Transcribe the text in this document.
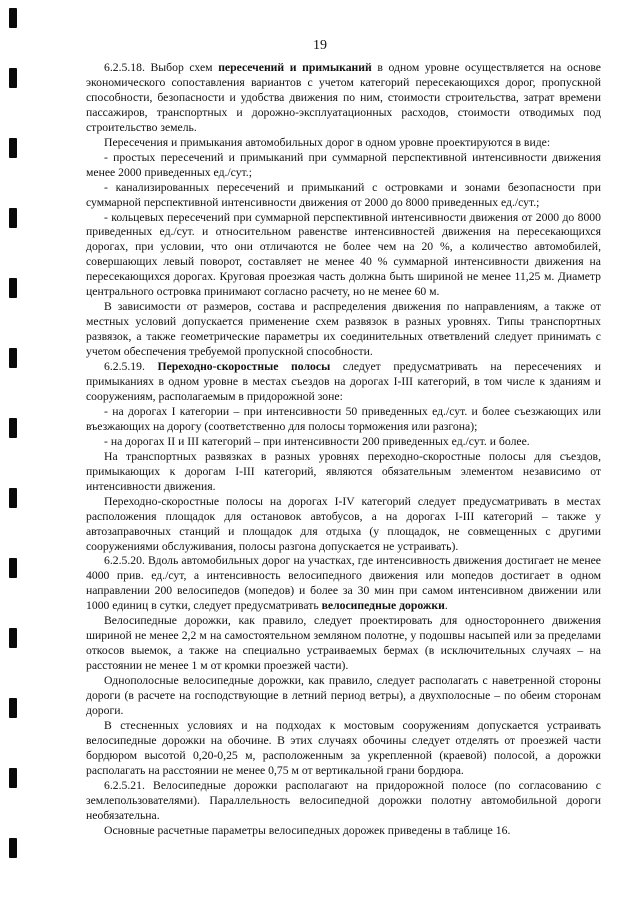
19

6.2.5.18. Выбор схем пересечений и примыканий в одном уровне осуществляется на основе экономического сопоставления вариантов с учетом категорий пересекающихся дорог, пропускной способности, безопасности и удобства движения по ним, стоимости строительства, затрат времени пассажиров, транспортных и дорожно-эксплуатационных расходов, стоимости отводимых под строительство земель.

Пересечения и примыкания автомобильных дорог в одном уровне проектируются в виде:

- простых пересечений и примыканий при суммарной перспективной интенсивности движения менее 2000 приведенных ед./сут.;

- канализированных пересечений и примыканий с островками и зонами безопасности при суммарной перспективной интенсивности движения от 2000 до 8000 приведенных ед./сут.;

- кольцевых пересечений при суммарной перспективной интенсивности движения от 2000 до 8000 приведенных ед./сут. и относительном равенстве интенсивностей движения на пересекающихся дорогах, при условии, что они отличаются не более чем на 20 %, а количество автомобилей, совершающих левый поворот, составляет не менее 40 % суммарной интенсивности движения на пересекающихся дорогах. Круговая проезжая часть должна быть шириной не менее 11,25 м. Диаметр центрального островка принимают согласно расчету, но не менее 60 м.

В зависимости от размеров, состава и распределения движения по направлениям, а также от местных условий допускается применение схем развязок в разных уровнях. Типы транспортных развязок, а также геометрические параметры их соединительных ответвлений следует принимать с учетом обеспечения требуемой пропускной способности.

6.2.5.19. Переходно-скоростные полосы следует предусматривать на пересечениях и примыканиях в одном уровне в местах съездов на дорогах I-III категорий, в том числе к зданиям и сооружениям, располагаемым в придорожной зоне:

- на дорогах I категории – при интенсивности 50 приведенных ед./сут. и более съезжающих или въезжающих на дорогу (соответственно для полосы торможения или разгона);

- на дорогах II и III категорий – при интенсивности 200 приведенных ед./сут. и более.

На транспортных развязках в разных уровнях переходно-скоростные полосы для съездов, примыкающих к дорогам I-III категорий, являются обязательным элементом независимо от интенсивности движения.

Переходно-скоростные полосы на дорогах I-IV категорий следует предусматривать в местах расположения площадок для остановок автобусов, а на дорогах I-III категорий – также у автозаправочных станций и площадок для отдыха (у площадок, не совмещенных с другими сооружениями обслуживания, полосы разгона допускается не устраивать).

6.2.5.20. Вдоль автомобильных дорог на участках, где интенсивность движения достигает не менее 4000 прив. ед./сут, а интенсивность велосипедного движения или мопедов достигает в одном направлении 200 велосипедов (мопедов) и более за 30 мин при самом интенсивном движении или 1000 единиц в сутки, следует предусматривать велосипедные дорожки.

Велосипедные дорожки, как правило, следует проектировать для одностороннего движения шириной не менее 2,2 м на самостоятельном земляном полотне, у подошвы насыпей или за пределами откосов выемок, а также на специально устраиваемых бермах (в исключительных случаях – на расстоянии не менее 1 м от кромки проезжей части).

Однополосные велосипедные дорожки, как правило, следует располагать с наветренной стороны дороги (в расчете на господствующие в летний период ветры), а двухполосные – по обеим сторонам дороги.

В стесненных условиях и на подходах к мостовым сооружениям допускается устраивать велосипедные дорожки на обочине. В этих случаях обочины следует отделять от проезжей части бордюром высотой 0,20-0,25 м, расположенным за укрепленной (краевой) полосой, а дорожки располагать на расстоянии не менее 0,75 м от вертикальной грани бордюра.

6.2.5.21. Велосипедные дорожки располагают на придорожной полосе (по согласованию с землепользователями). Параллельность велосипедной дорожки полотну автомобильной дороги необязательна.

Основные расчетные параметры велосипедных дорожек приведены в таблице 16.
